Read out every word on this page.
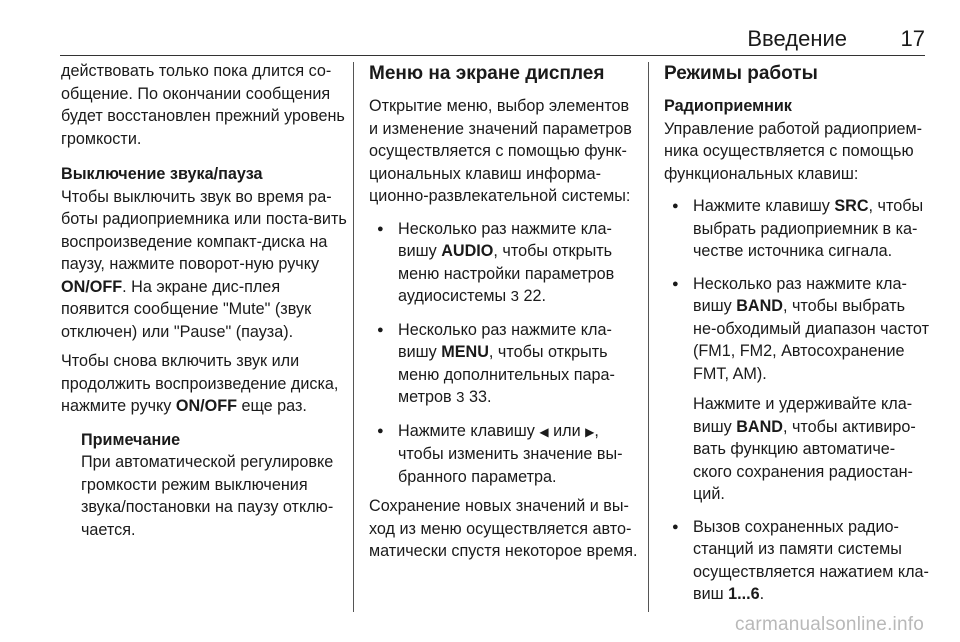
Введение 17

действовать только пока длится со-общение. По окончании сообщения будет восстановлен прежний уровень громкости.

Выключение звука/пауза

Чтобы выключить звук во время ра-боты радиоприемника или поста-вить воспроизведение компакт-диска на паузу, нажмите поворот-ную ручку ON/OFF. На экране дис-плея появится сообщение "Mute" (звук отключен) или "Pause" (пауза).

Чтобы снова включить звук или продолжить воспроизведение диска, нажмите ручку ON/OFF еще раз.

Примечание

При автоматической регулировке громкости режим выключения звука/постановки на паузу отклю-чается.

Меню на экране дисплея

Открытие меню, выбор элементов и изменение значений параметров осуществляется с помощью функ-циональных клавиш информа-ционно-развлекательной системы:

● Несколько раз нажмите кла-вишу AUDIO, чтобы открыть меню настройки параметров аудиосистемы 3 22.
● Несколько раз нажмите кла-вишу MENU, чтобы открыть меню дополнительных пара-метров 3 33.
● Нажмите клавишу ◀ или ▶, чтобы изменить значение вы-бранного параметра.

Сохранение новых значений и вы-ход из меню осуществляется авто-матически спустя некоторое время.

Режимы работы
Радиоприемник

Управление работой радиоприем-ника осуществляется с помощью функциональных клавиш:

● Нажмите клавишу SRC, чтобы выбрать радиоприемник в ка-честве источника сигнала.

● Несколько раз нажмите кла-вишу BAND, чтобы выбрать не-обходимый диапазон частот (FM1, FM2, Автосохранение FMT, AM).

Нажмите и удерживайте кла-вишу BAND, чтобы активиро-вать функцию автоматиче-ского сохранения радиостан-ций.

● Вызов сохраненных радио-станций из памяти системы осуществляется нажатием кла-виш 1...6.
carmanualsonline.info
